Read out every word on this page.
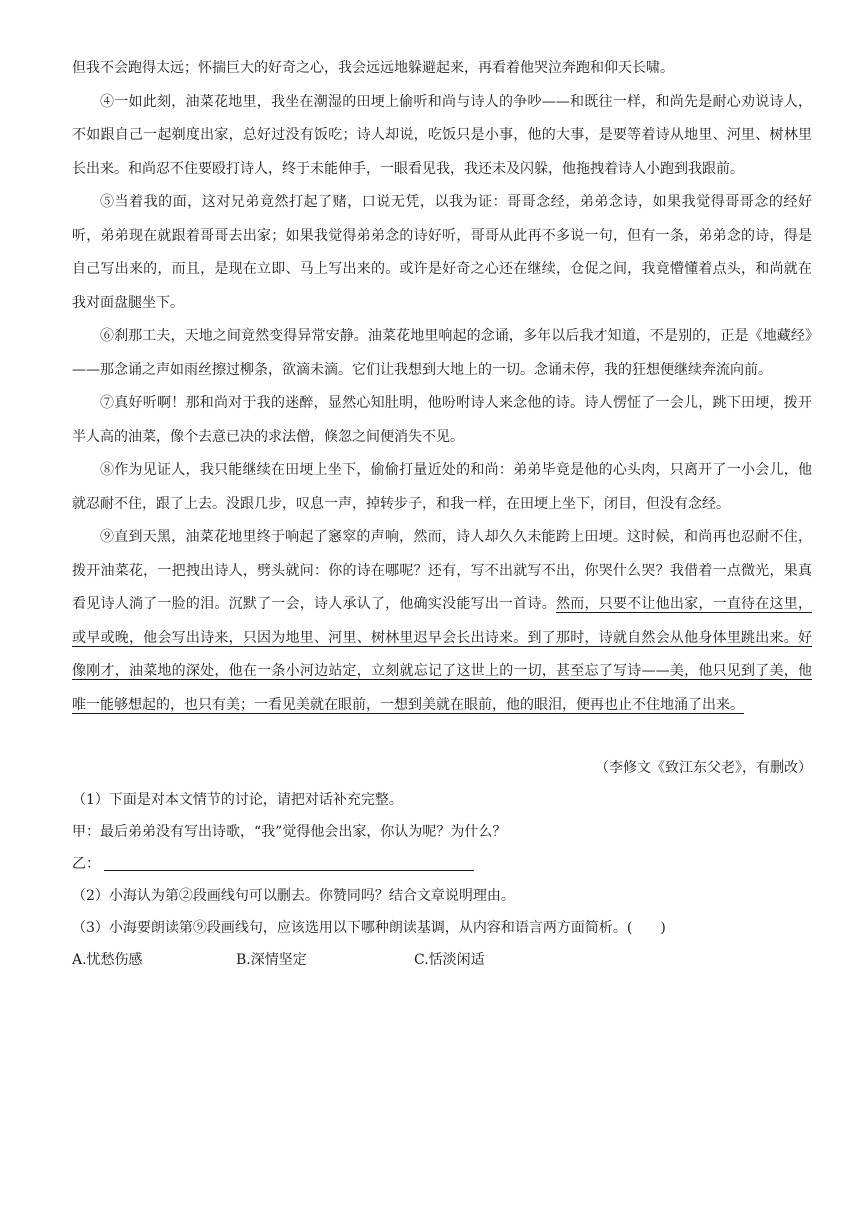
但我不会跑得太远；怀揣巨大的好奇之心，我会远远地躲避起来，再看着他哭泣奔跑和仰天长啸。

④一如此刻，油菜花地里，我坐在潮湿的田埂上偷听和尚与诗人的争吵——和既往一样，和尚先是耐心劝说诗人，不如跟自己一起剃度出家，总好过没有饭吃；诗人却说，吃饭只是小事，他的大事，是要等着诗从地里、河里、树林里长出来。和尚忍不住要殴打诗人，终于未能伸手，一眼看见我，我还未及闪躲，他拖拽着诗人小跑到我跟前。

⑤当着我的面，这对兄弟竟然打起了赌，口说无凭，以我为证：哥哥念经，弟弟念诗，如果我觉得哥哥念的经好听，弟弟现在就跟着哥哥去出家；如果我觉得弟弟念的诗好听，哥哥从此再不多说一句，但有一条，弟弟念的诗，得是自己写出来的，而且，是现在立即、马上写出来的。或许是好奇之心还在继续，仓促之间，我竟懵懂着点头，和尚就在我对面盘腿坐下。

⑥刹那工夫，天地之间竟然变得异常安静。油菜花地里响起的念诵，多年以后我才知道，不是别的，正是《地藏经》——那念诵之声如雨丝擦过柳条，欲滴未滴。它们让我想到大地上的一切。念诵未停，我的狂想便继续奔流向前。

⑦真好听啊！那和尚对于我的迷醉，显然心知肚明，他吩咐诗人来念他的诗。诗人愣怔了一会儿，跳下田埂，拨开半人高的油菜，像个去意已决的求法僧，倏忽之间便消失不见。

⑧作为见证人，我只能继续在田埂上坐下，偷偷打量近处的和尚：弟弟毕竟是他的心头肉，只离开了一小会儿，他就忍耐不住，跟了上去。没跟几步，叹息一声，掉转步子，和我一样，在田埂上坐下，闭目，但没有念经。

⑨直到天黑，油菜花地里终于响起了窸窣的声响，然而，诗人却久久未能跨上田埂。这时候，和尚再也忍耐不住，拨开油菜花，一把拽出诗人，劈头就问：你的诗在哪呢？还有，写不出就写不出，你哭什么哭？我借着一点微光，果真看见诗人淌了一脸的泪。沉默了一会，诗人承认了，他确实没能写出一首诗。然而，只要不让他出家，一直待在这里，或早或晚，他会写出诗来，只因为地里、河里、树林里迟早会长出诗来。到了那时，诗就自然会从他身体里跳出来。好像刚才，油菜地的深处，他在一条小河边站定，立刻就忘记了这世上的一切，甚至忘了写诗——美，他只见到了美，他唯一能够想起的，也只有美；一看见美就在眼前，一想到美就在眼前，他的眼泪，便再也止不住地涌了出来。

（李修文《致江东父老》，有删改）

（1）下面是对本文情节的讨论，请把对话补充完整。

甲：最后弟弟没有写出诗歌，“我”觉得他会出家，你认为呢？为什么？

乙：

（2）小海认为第②段画线句可以删去。你赞同吗？结合文章说明理由。

（3）小海要朗读第⑨段画线句，应该选用以下哪种朗读基调，从内容和语言两方面简析。(　　)

A.忧愁伤感	B.深情坚定	C.恬淡闲适
